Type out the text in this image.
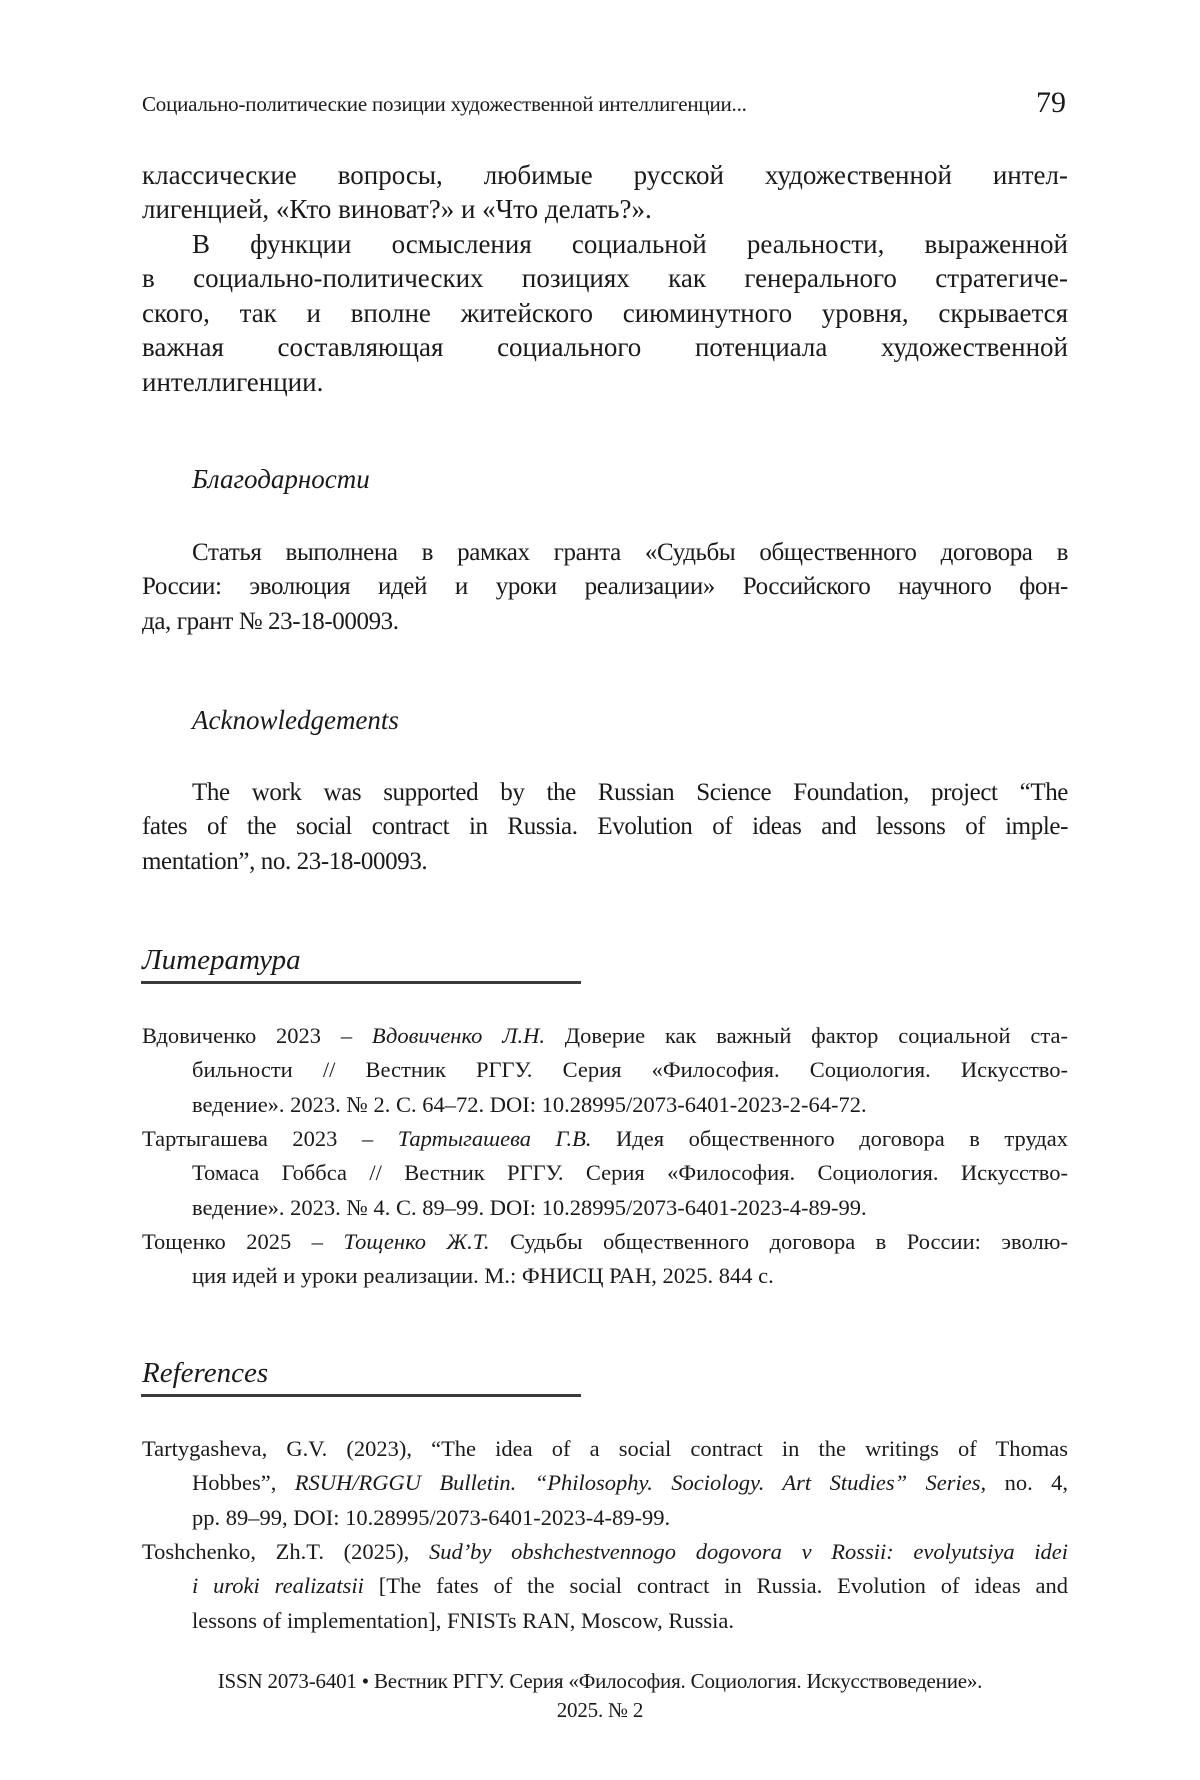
Социально-политические позиции художественной интеллигенции...	79
классические вопросы, любимые русской художественной интел-
лигенцией, «Кто виноват?» и «Что делать?».
В функции осмысления социальной реальности, выраженной
в социально-политических позициях как генерального стратегиче-
ского, так и вполне житейского сиюминутного уровня, скрывается
важная составляющая социального потенциала художественной
интеллигенции.
Благодарности
Статья выполнена в рамках гранта «Судьбы общественного договора в
России: эволюция идей и уроки реализации» Российского научного фон-
да, грант № 23-18-00093.
Acknowledgements
The work was supported by the Russian Science Foundation, project “The
fates of the social contract in Russia. Evolution of ideas and lessons of imple-
mentation”, no. 23-18-00093.
Литература
Вдовиченко 2023 – Вдовиченко Л.Н. Доверие как важный фактор социальной ста-
бильности // Вестник РГГУ. Серия «Философия. Социология. Искусство-
ведение». 2023. № 2. С. 64–72. DOI: 10.28995/2073-6401-2023-2-64-72.
Тартыгашева 2023 – Тартыгашева Г.В. Идея общественного договора в трудах
Томаса Гоббса // Вестник РГГУ. Серия «Философия. Социология. Искусство-
ведение». 2023. № 4. С. 89–99. DOI: 10.28995/2073-6401-2023-4-89-99.
Тощенко 2025 – Тощенко Ж.Т. Судьбы общественного договора в России: эволю-
ция идей и уроки реализации. М.: ФНИСЦ РАН, 2025. 844 с.
References
Tartygasheva, G.V. (2023), “The idea of a social contract in the writings of Thomas
Hobbes”, RSUH/RGGU Bulletin. “Philosophy. Sociology. Art Studies” Series, no. 4,
pp. 89–99, DOI: 10.28995/2073-6401-2023-4-89-99.
Toshchenko, Zh.T. (2025), Sud’by obshchestvennogo dogovora v Rossii: evolyutsiya idei
i uroki realizatsii [The fates of the social contract in Russia. Evolution of ideas and
lessons of implementation], FNISTs RAN, Moscow, Russia.
ISSN 2073-6401 • Вестник РГГУ. Серия «Философия. Социология. Искусствоведение».
2025. № 2
